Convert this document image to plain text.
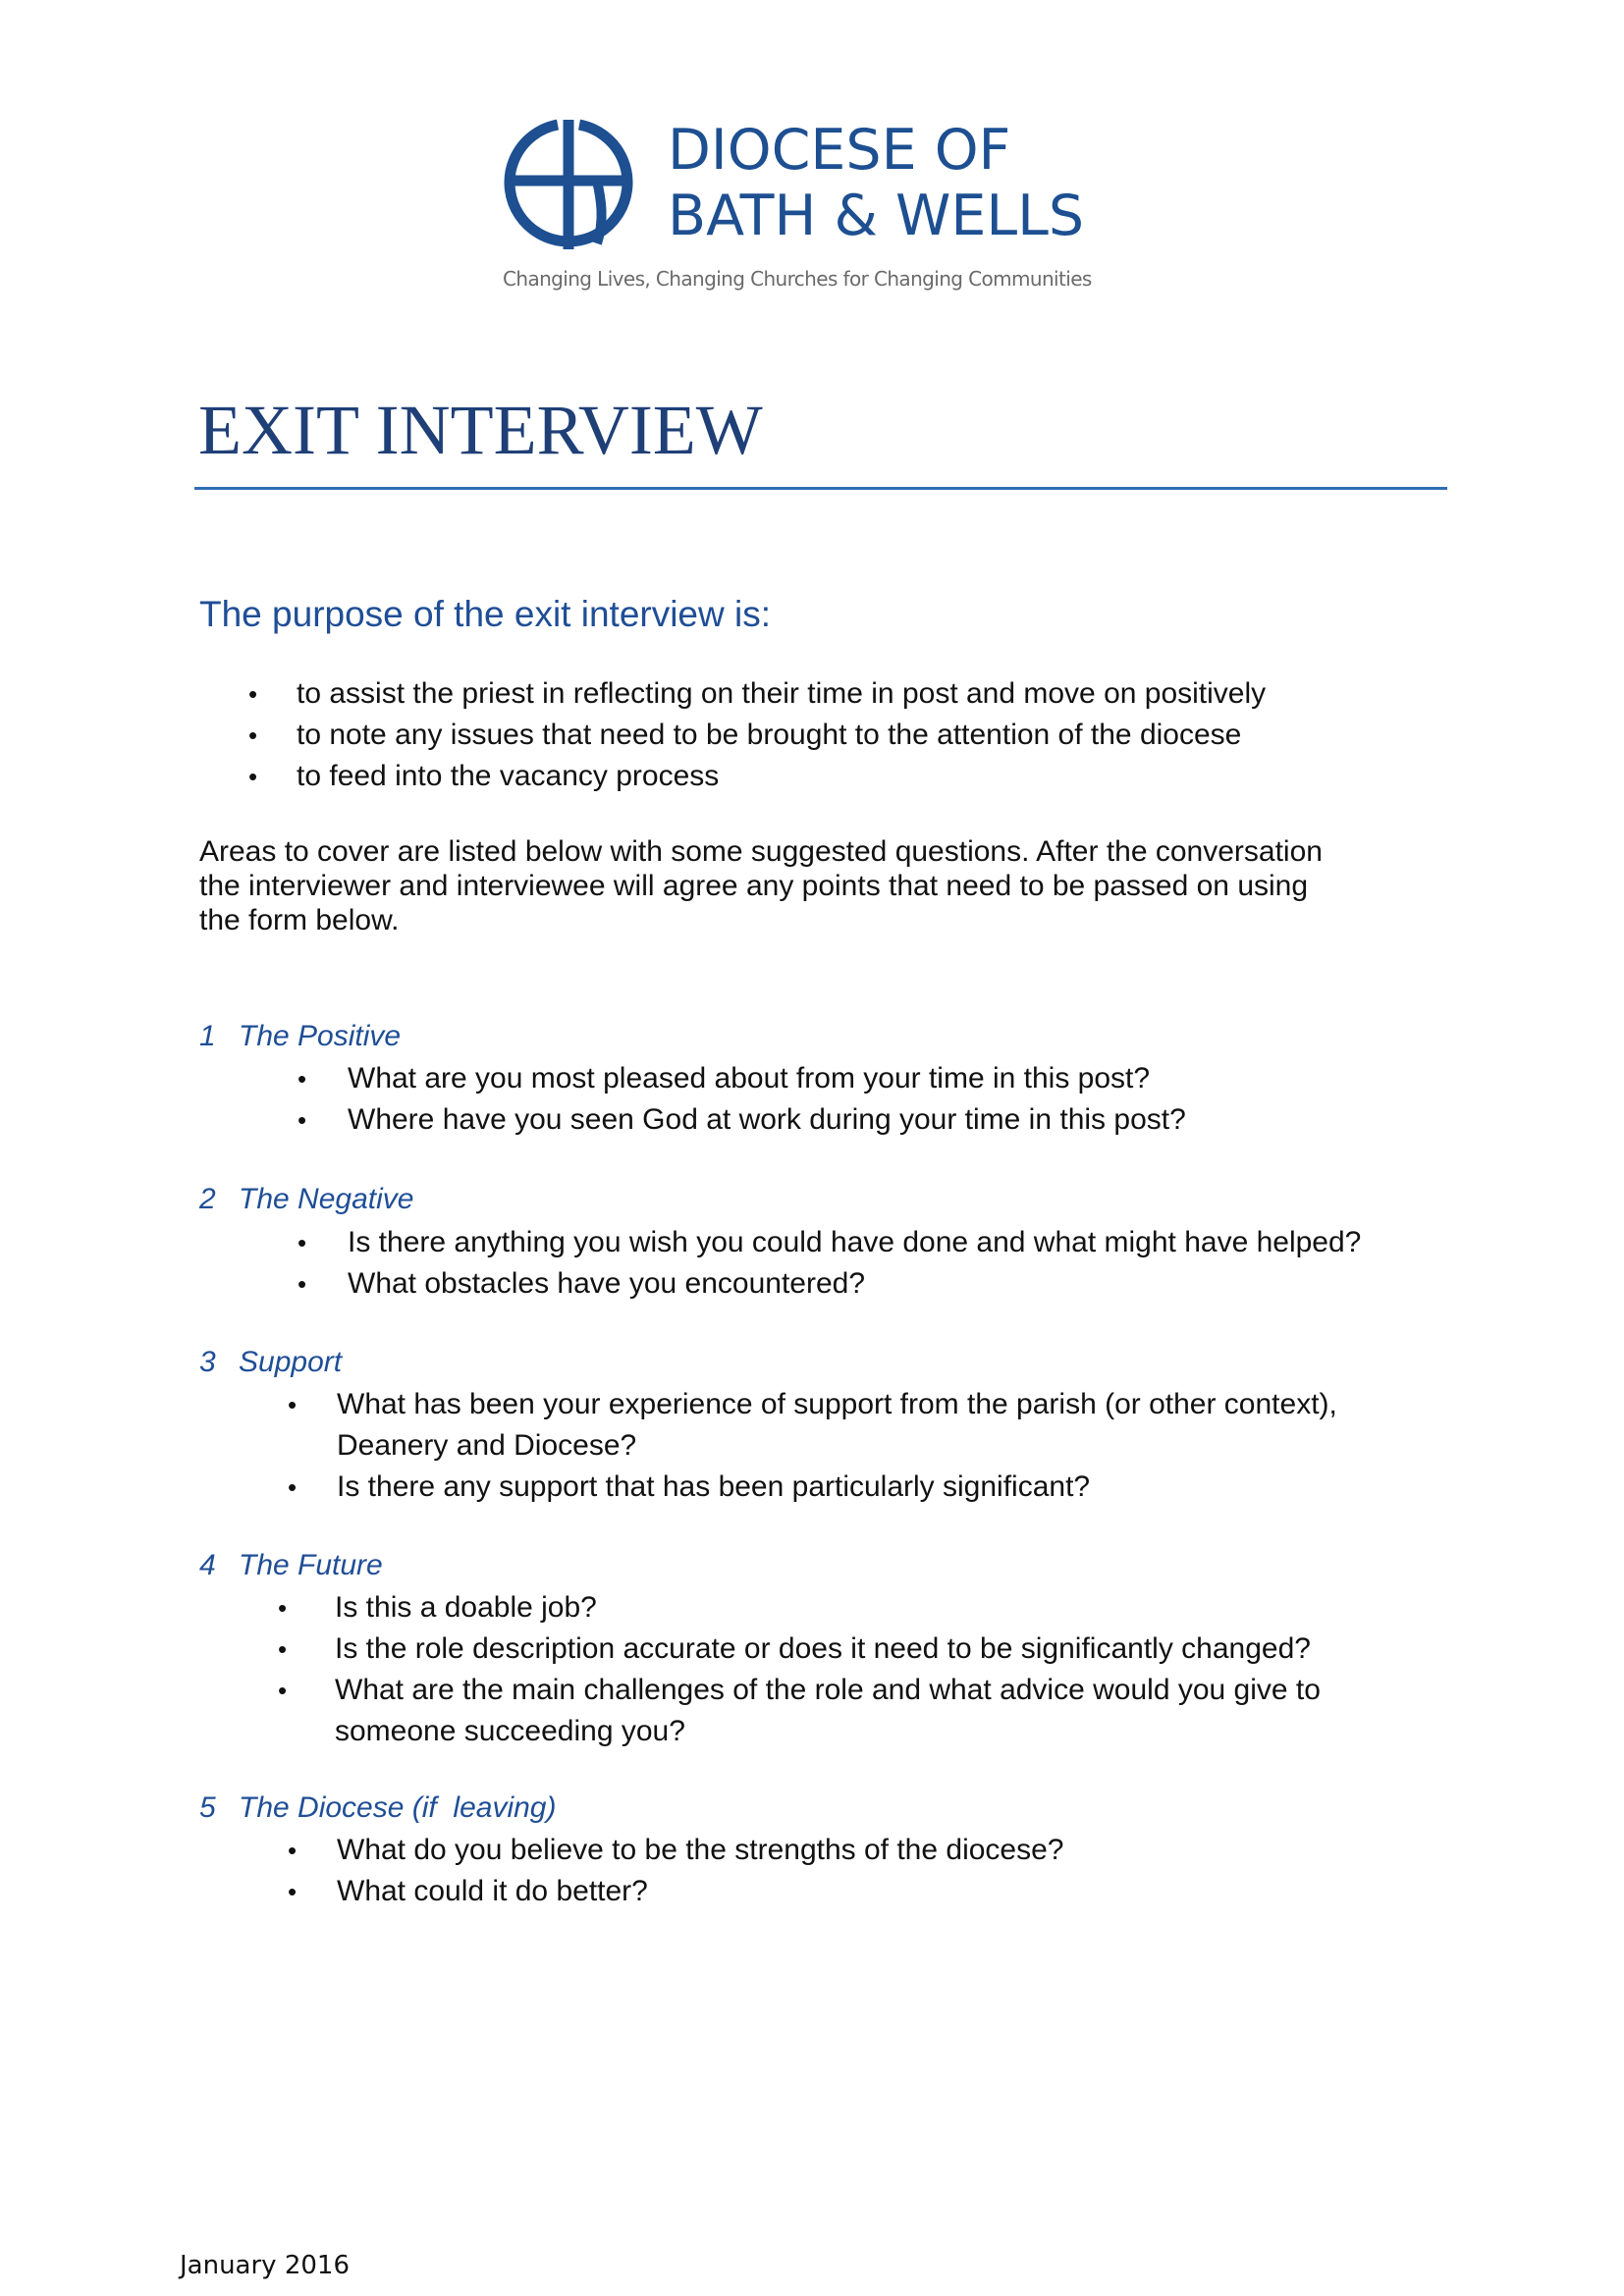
DIOCESE OF
BATH & WELLS
Changing Lives, Changing Churches for Changing Communities
EXIT INTERVIEW
The purpose of the exit interview is:
• to assist the priest in reflecting on their time in post and move on positively
• to note any issues that need to be brought to the attention of the diocese
• to feed into the vacancy process

Areas to cover are listed below with some suggested questions. After the conversation
the interviewer and interviewee will agree any points that need to be passed on using
the form below.

1 The Positive
• What are you most pleased about from your time in this post?
• Where have you seen God at work during your time in this post?
2 The Negative
• Is there anything you wish you could have done and what might have helped?
• What obstacles have you encountered?
3 Support
• What has been your experience of support from the parish (or other context),
Deanery and Diocese?
• Is there any support that has been particularly significant?
4 The Future
• Is this a doable job?
• Is the role description accurate or does it need to be significantly changed?
• What are the main challenges of the role and what advice would you give to
someone succeeding you?
5 The Diocese (if  leaving)
• What do you believe to be the strengths of the diocese?
• What could it do better?
January 2016
